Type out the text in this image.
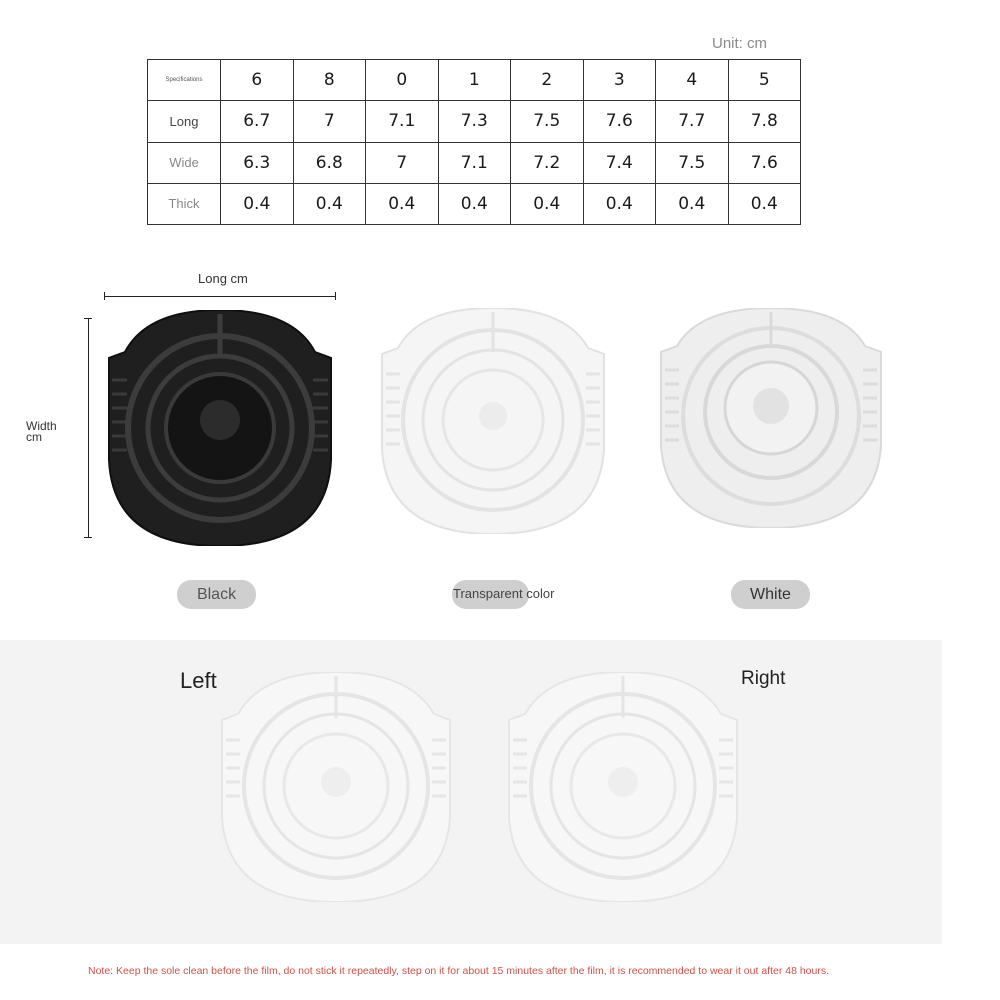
Unit: cm
Specifications	6	8	0	1	2	3	4	5
Long	6.7	7	7.1	7.3	7.5	7.6	7.7	7.8
Wide	6.3	6.8	7	7.1	7.2	7.4	7.5	7.6
Thick	0.4	0.4	0.4	0.4	0.4	0.4	0.4	0.4
Long cm
Width
cm
Black	Transparent color	White
Left	Right
Note: Keep the sole clean before the film, do not stick it repeatedly, step on it for about 15 minutes after the film, it is recommended to wear it out after 48 hours.
